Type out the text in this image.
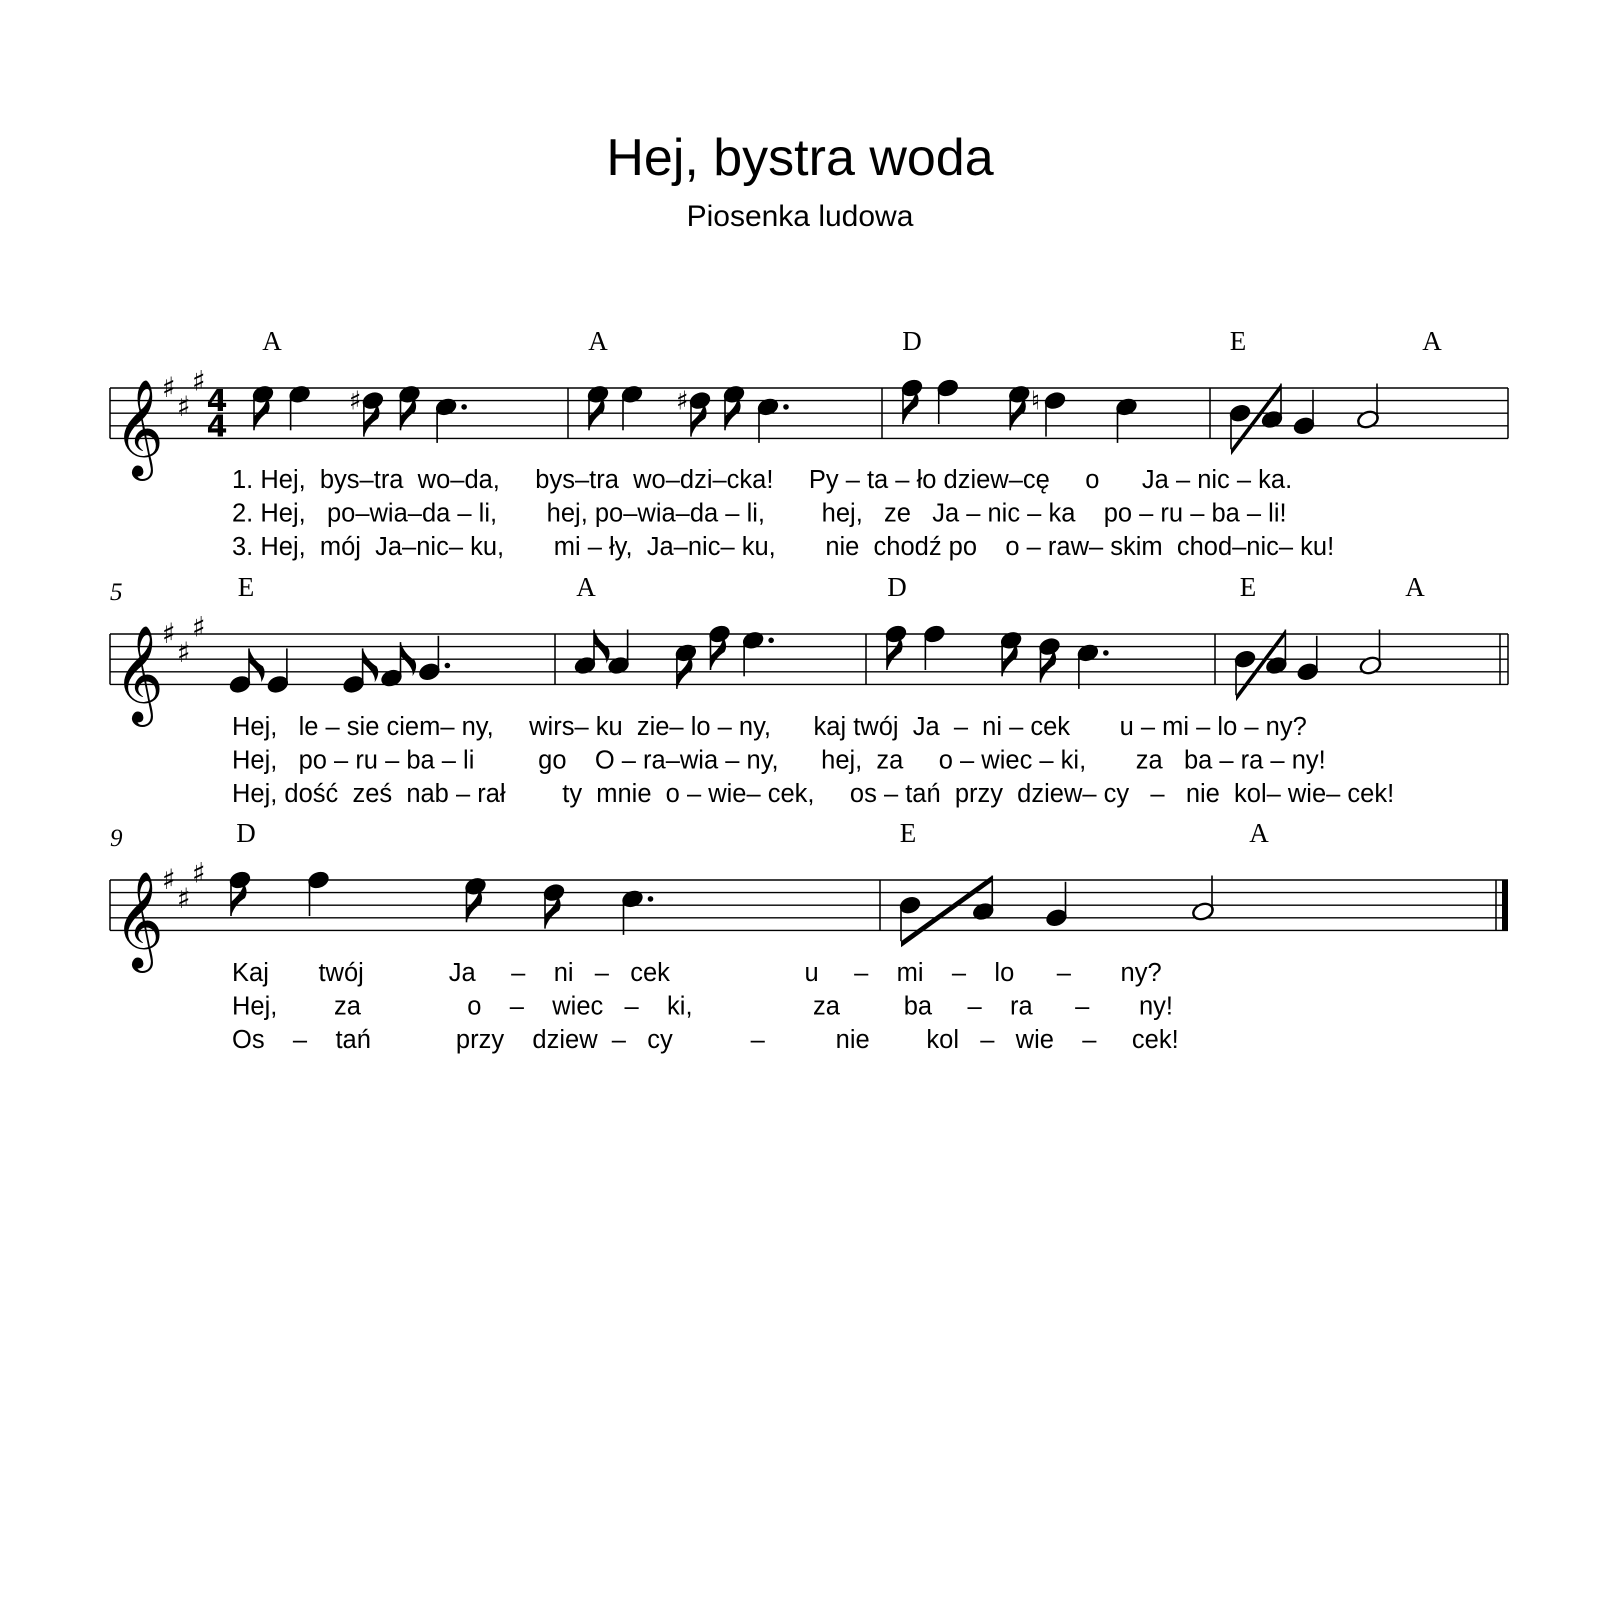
Hej, bystra woda
Piosenka ludowa
𝄞
♯
♯
♯
4
4
A
♯
A
♯
D
♮
E	A
1. Hej,  bys–tra  wo–da,     bys–tra  wo–dzi–cka!     Py – ta – ło dziew–cę     o      Ja – nic – ka.
2. Hej,   po–wia–da – li,       hej, po–wia–da – li,        hej,   ze   Ja – nic – ka    po – ru – ba – li!
3. Hej,  mój  Ja–nic– ku,       mi – ły,  Ja–nic– ku,       nie  chodź po    o – raw– skim  chod–nic– ku!
𝄞
♯
♯
♯
5	E	A	D	E	A
Hej,   le – sie ciem– ny,     wirs– ku  zie– lo – ny,      kaj twój  Ja  –  ni – cek       u – mi – lo – ny?
Hej,   po – ru – ba – li         go    O – ra–wia – ny,      hej,  za     o – wiec – ki,       za   ba – ra – ny!
Hej, dość  ześ  nab – rał        ty  mnie  o – wie– cek,     os – tań  przy  dziew– cy   –   nie  kol– wie– cek!
𝄞
♯
♯
♯
9	D	E	A
Kaj       twój            Ja     –    ni   –   cek                   u     –    mi    –    lo      –       ny?
Hej,        za               o    –    wiec   –    ki,                 za         ba     –    ra      –       ny!
Os    –    tań            przy    dziew  –   cy           –          nie        kol   –   wie    –     cek!
